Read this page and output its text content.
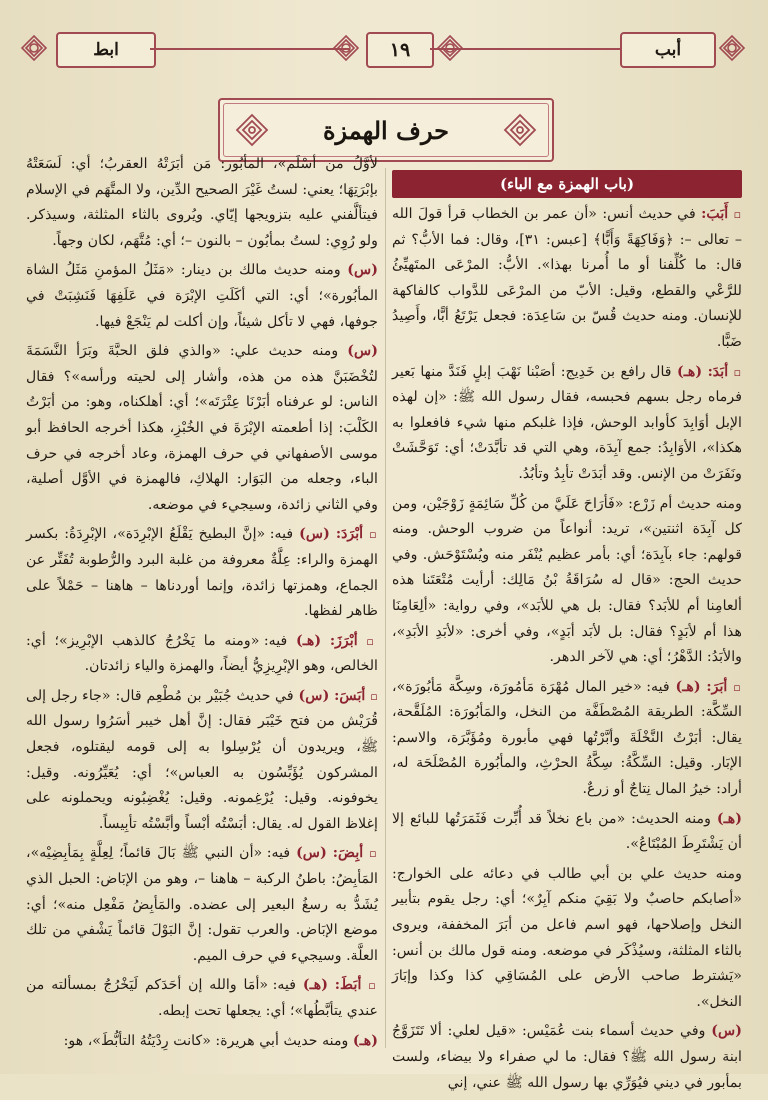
ابط	١٩	أبب
حرف الهمزة
(باب الهمزة مع الباء)
▫ أَبَبَ: في حديث أنس: «أن عمر بن الخطاب قرأ قولَ الله – تعالى –: ﴿وَفَاكِهَةً وَأَبًّا﴾ [عبس: ٣١]، وقال: فما الأبُّ؟ ثم قال: ما كُلِّفنا أو ما أُمرنا بهذا». الأبُّ: المرْعَى المتَهيِّئُ للرَّعْي والقطع، وقيل: الأبّ من المرْعَى للدَّواب كالفاكهة للإنسان. ومنه حديث قُسّ بن سَاعِدَة: فجعل يَرْتَعُ أبًّا، وأَصِيدُ ضَبًّا.
▫ أبَدَ: (هـ) قال رافع بن خَدِيج: أصَبْنا نَهْبَ إبلٍ فَنَدَّ منها بَعير فرماه رجل بسهم فحبسه، فقال رسول الله ﷺ: «إن لهذه الإبل أوَابِدَ كأوابد الوحش، فإذا غلبكم منها شيء فافعلوا به هكذا»، الأوَابِدُ: جمع آبِدَة، وهي التي قد تأبَّدَتْ؛ أي: تَوَحَّشَتْ ونَفَرَتْ من الإنس. وقد أبَدَتْ تأبِدُ وتأبُدُ.
ومنه حديث أم زَرْع: «فَأرَاحَ عَلَيَّ من كُلِّ سَائِمَةٍ زَوْجَيْن، ومن كل آبِدَة اثنتين»، تريد: أنواعاً من ضروب الوحش. ومنه قولهم: جاء بآبِدَة؛ أي: بأمر عظيم يُنْفَر منه ويُسْتَوْحَش. وفي حديث الحج: «قال له سُرَاقَةُ بْنُ مَالِك: أرأيت مُتْعَتَنا هذه ألعامِنا أم للأبَد؟ فقال: بل هي للأبَد»، وفي رواية: «ألِعَامِنَا هذا أم لأبَدٍ؟ فقال: بل لأبَد أبَدٍ»، وفي أخرى: «لأبَدِ الأبَدِ»، والأبَدُ: الدَّهْرُ؛ أي: هي لآخر الدهر.
▫ أبَرَ: (هـ) فيه: «خير المال مُهْرَة مَأمُورَة، وسِكَّة مَأبُورَة»، السِّكَّة: الطريقة المُصْطَفَّة من النخل، والمَأبُورَة: المُلَقَّحة، يقال: أبَرْتُ النَّخْلَةَ وأبَّرْتُها فهي مأبورة ومُؤَبَّرَة، والاسم: الإبَار. وقيل: السِّكَّةُ: سِكَّةُ الحرْثِ، والمأبُورة المُصْلَحَة له، أراد: خيرُ المال نِتاجٌ أو زرعٌ.
(هـ) ومنه الحديث: «من باع نخلاً قد أُبِّرت فَثَمَرَتُها للبائع إلا أن يَشْتَرِطَ المُبْتَاعُ».
ومنه حديث علي بن أبي طالب في دعائه على الخوارج: «أصابكم حاصبٌ ولا بَقِيَ منكم آبِرٌ»؛ أي: رجل يقوم بتأبير النخل وإصلاحها، فهو اسم فاعل من أبَرَ المخففة، ويروى بالثاء المثلثة، وسيُذْكَر في موضعه. ومنه قول مالك بن أنس: «يَشترط صاحب الأرض على المُسَاقِي كذا وكذا وإبَارَ النخل».
(س) وفي حديث أسماء بنت عُمَيْس: «قيل لعلي: ألا تَتَزَوَّجُ ابنة رسول الله ﷺ؟ فقال: ما لي صفراء ولا بيضاء، ولست بمأبور في ديني فيُوَرِّي بها رسول الله ﷺ عني، إني
لأوَّلُ من أسْلَم»، المأبُور: مَن أبَرَتْهُ العقربُ؛ أي: لَسَعَتْهُ بإبْرَتِهَا؛ يعني: لستُ غَيْرَ الصحيح الدِّين، ولا المتَّهَم في الإسلام فيتألَّفني عليه بتزويجها إيّاي. ويُروى بالثاء المثلثة، وسيذكر. ولو رُوِي: لستُ بمأبُون – بالنون –؛ أي: مُتَّهَم، لكان وجهاً.
(س) ومنه حديث مالك بن دينار: «مَثَلُ المؤمنِ مَثَلُ الشاة المأبُورة»؛ أي: التي أكَلَتِ الإبْرَة في عَلَفِهَا فَنَشِبَتْ في جوفها، فهي لا تأكل شيئاً، وإن أكلت لم يَنْجَعْ فيها.
(س) ومنه حديث علي: «والذي فلق الحبَّةَ وبَرَأ النَّسَمَةَ لتُخْضَبَنَّ هذه من هذه، وأشار إلى لحيته ورأسه»؟ فقال الناس: لو عرفناه أبَرْنَا عِتْرَتَه»؛ أي: أهلكناه، وهو: من أبَرْتُ الكَلْبَ: إذا أطعمته الإبْرَةَ في الخُبْزِ، هكذا أخرجه الحافظ أبو موسى الأصفهاني في حرف الهمزة، وعاد أخرجه في حرف الباء، وجعله من البَوَار: الهلاكِ، فالهمزة في الأوَّل أصلية، وفي الثاني زائدة، وسيجيء في موضعه.
▫ أبْرَدَ: (س) فيه: «إنَّ البطيخ يَقْلَعُ الإبْرِدَة»، الإبْرِدَةُ: بكسر الهمزة والراء: عِلَّةٌ معروفة من غلبة البرد والرُّطوبة تُفَتِّر عن الجماع، وهمزتها زائدة، وإنما أوردناها – هاهنا – حَمْلاً على ظاهر لفظها.
▫ أبْرَزَ: (هـ) فيه: «ومنه ما يَخْرُجُ كالذهب الإبْرِيز»؛ أي: الخالص، وهو الإبْرِيزِيُّ أيضاً، والهمزة والياء زائدتان.
▫ أبَسَ: (س) في حديث جُبَيْر بن مُطْعِم قال: «جاء رجل إلى قُرَيْش من فتح خَيْبَر فقال: إنَّ أهل خيبر أسَرُوا رسول الله ﷺ، ويريدون أن يُرْسِلوا به إلى قومه ليقتلوه، فجعل المشركون يُؤَبِّسُون به العباس»؛ أي: يُعَيِّرُونه. وقيل: يخوفونه. وقيل: يُرْغِمونه. وقيل: يُغْضِبُونه ويحملونه على إغلاظ القول له. يقال: أبَسْتُه أبْساً وأبَّسْتُه تأبِيساً.
▫ أبِضَ: (س) فيه: «أن النبي ﷺ بَالَ قائماً؛ لِعِلَّةٍ بِمَأبِضِيْه»، المَأبِضُ: باطنُ الركبة – هاهنا –، وهو من الإبَاض: الحبل الذي يُشَدُّ به رسغُ البعير إلى عضده. والمَأبِضُ مَفْعِل منه»؛ أي: موضع الإبَاض. والعرب تقول: إنَّ البَوْلَ قائماً يَشْفي من تلك العلَّة. وسيجيء في حرف الميم.
▫ أبَطَ: (هـ) فيه: «أمَا والله إن أحَدَكم لَيَخْرُجُ بمسألته من عندي يتأبَّطُها»؛ أي: يجعلها تحت إبطه.
(هـ) ومنه حديث أبي هريرة: «كانت رِدْيَتُهُ التأبُّطَ»، هو:
